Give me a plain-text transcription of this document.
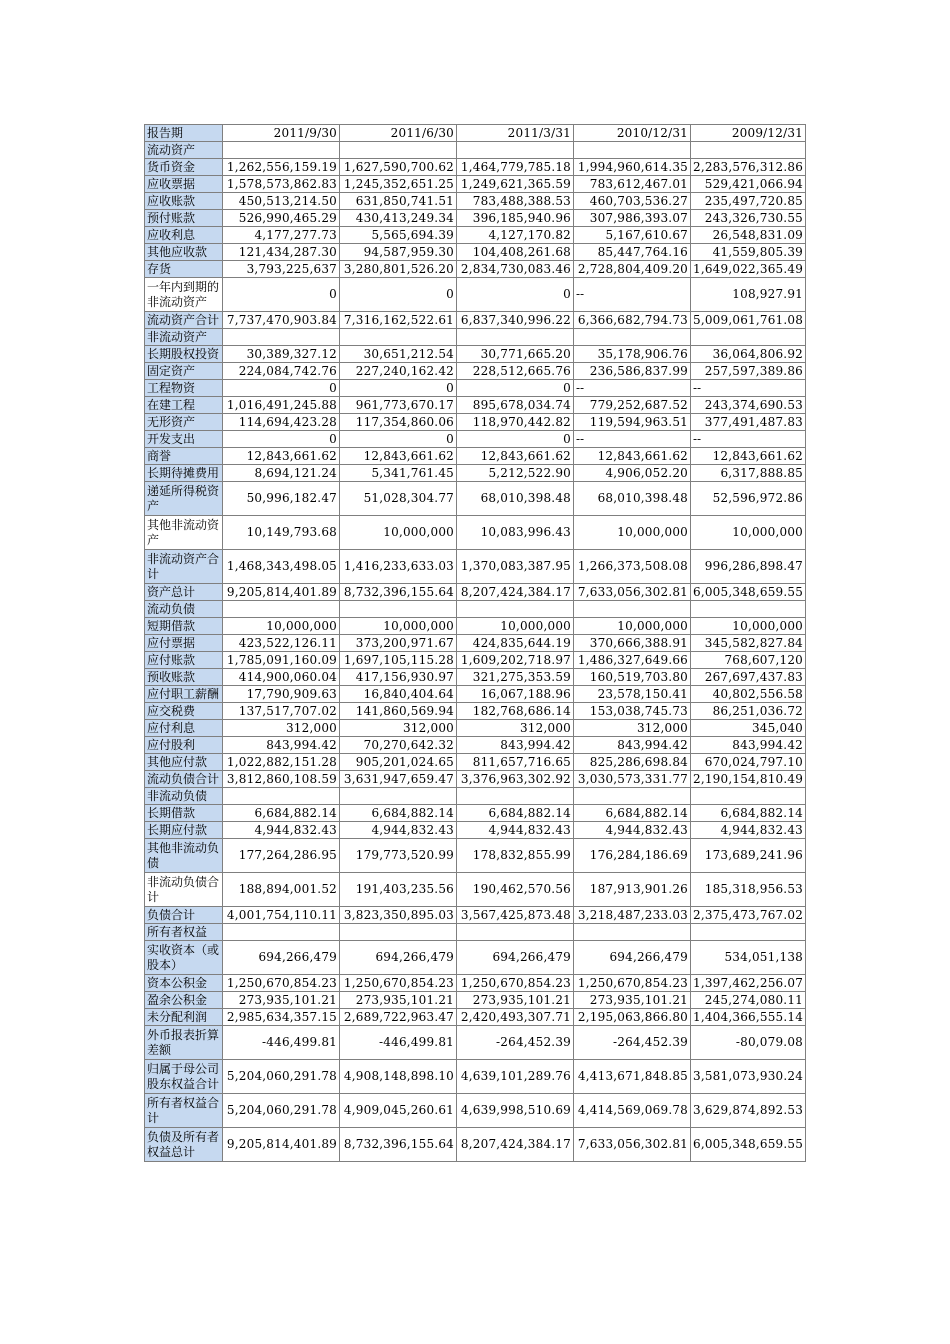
报告期	2011/9/30	2011/6/30	2011/3/31	2010/12/31	2009/12/31
流动资产					
货币资金	1,262,556,159.19	1,627,590,700.62	1,464,779,785.18	1,994,960,614.35	2,283,576,312.86
应收票据	1,578,573,862.83	1,245,352,651.25	1,249,621,365.59	783,612,467.01	529,421,066.94
应收账款	450,513,214.50	631,850,741.51	783,488,388.53	460,703,536.27	235,497,720.85
预付账款	526,990,465.29	430,413,249.34	396,185,940.96	307,986,393.07	243,326,730.55
应收利息	4,177,277.73	5,565,694.39	4,127,170.82	5,167,610.67	26,548,831.09
其他应收款	121,434,287.30	94,587,959.30	104,408,261.68	85,447,764.16	41,559,805.39
存货	3,793,225,637	3,280,801,526.20	2,834,730,083.46	2,728,804,409.20	1,649,022,365.49
一年内到期的非流动资产	0	0	0	--	108,927.91
流动资产合计	7,737,470,903.84	7,316,162,522.61	6,837,340,996.22	6,366,682,794.73	5,009,061,761.08
非流动资产					
长期股权投资	30,389,327.12	30,651,212.54	30,771,665.20	35,178,906.76	36,064,806.92
固定资产	224,084,742.76	227,240,162.42	228,512,665.76	236,586,837.99	257,597,389.86
工程物资	0	0	0	--	--
在建工程	1,016,491,245.88	961,773,670.17	895,678,034.74	779,252,687.52	243,374,690.53
无形资产	114,694,423.28	117,354,860.06	118,970,442.82	119,594,963.51	377,491,487.83
开发支出	0	0	0	--	--
商誉	12,843,661.62	12,843,661.62	12,843,661.62	12,843,661.62	12,843,661.62
长期待摊费用	8,694,121.24	5,341,761.45	5,212,522.90	4,906,052.20	6,317,888.85
递延所得税资产	50,996,182.47	51,028,304.77	68,010,398.48	68,010,398.48	52,596,972.86
其他非流动资产	10,149,793.68	10,000,000	10,083,996.43	10,000,000	10,000,000
非流动资产合计	1,468,343,498.05	1,416,233,633.03	1,370,083,387.95	1,266,373,508.08	996,286,898.47
资产总计	9,205,814,401.89	8,732,396,155.64	8,207,424,384.17	7,633,056,302.81	6,005,348,659.55
流动负债					
短期借款	10,000,000	10,000,000	10,000,000	10,000,000	10,000,000
应付票据	423,522,126.11	373,200,971.67	424,835,644.19	370,666,388.91	345,582,827.84
应付账款	1,785,091,160.09	1,697,105,115.28	1,609,202,718.97	1,486,327,649.66	768,607,120
预收账款	414,900,060.04	417,156,930.97	321,275,353.59	160,519,703.80	267,697,437.83
应付职工薪酬	17,790,909.63	16,840,404.64	16,067,188.96	23,578,150.41	40,802,556.58
应交税费	137,517,707.02	141,860,569.94	182,768,686.14	153,038,745.73	86,251,036.72
应付利息	312,000	312,000	312,000	312,000	345,040
应付股利	843,994.42	70,270,642.32	843,994.42	843,994.42	843,994.42
其他应付款	1,022,882,151.28	905,201,024.65	811,657,716.65	825,286,698.84	670,024,797.10
流动负债合计	3,812,860,108.59	3,631,947,659.47	3,376,963,302.92	3,030,573,331.77	2,190,154,810.49
非流动负债					
长期借款	6,684,882.14	6,684,882.14	6,684,882.14	6,684,882.14	6,684,882.14
长期应付款	4,944,832.43	4,944,832.43	4,944,832.43	4,944,832.43	4,944,832.43
其他非流动负债	177,264,286.95	179,773,520.99	178,832,855.99	176,284,186.69	173,689,241.96
非流动负债合计	188,894,001.52	191,403,235.56	190,462,570.56	187,913,901.26	185,318,956.53
负债合计	4,001,754,110.11	3,823,350,895.03	3,567,425,873.48	3,218,487,233.03	2,375,473,767.02
所有者权益					
实收资本（或股本）	694,266,479	694,266,479	694,266,479	694,266,479	534,051,138
资本公积金	1,250,670,854.23	1,250,670,854.23	1,250,670,854.23	1,250,670,854.23	1,397,462,256.07
盈余公积金	273,935,101.21	273,935,101.21	273,935,101.21	273,935,101.21	245,274,080.11
未分配利润	2,985,634,357.15	2,689,722,963.47	2,420,493,307.71	2,195,063,866.80	1,404,366,555.14
外币报表折算差额	-446,499.81	-446,499.81	-264,452.39	-264,452.39	-80,079.08
归属于母公司股东权益合计	5,204,060,291.78	4,908,148,898.10	4,639,101,289.76	4,413,671,848.85	3,581,073,930.24
所有者权益合计	5,204,060,291.78	4,909,045,260.61	4,639,998,510.69	4,414,569,069.78	3,629,874,892.53
负债及所有者权益总计	9,205,814,401.89	8,732,396,155.64	8,207,424,384.17	7,633,056,302.81	6,005,348,659.55
